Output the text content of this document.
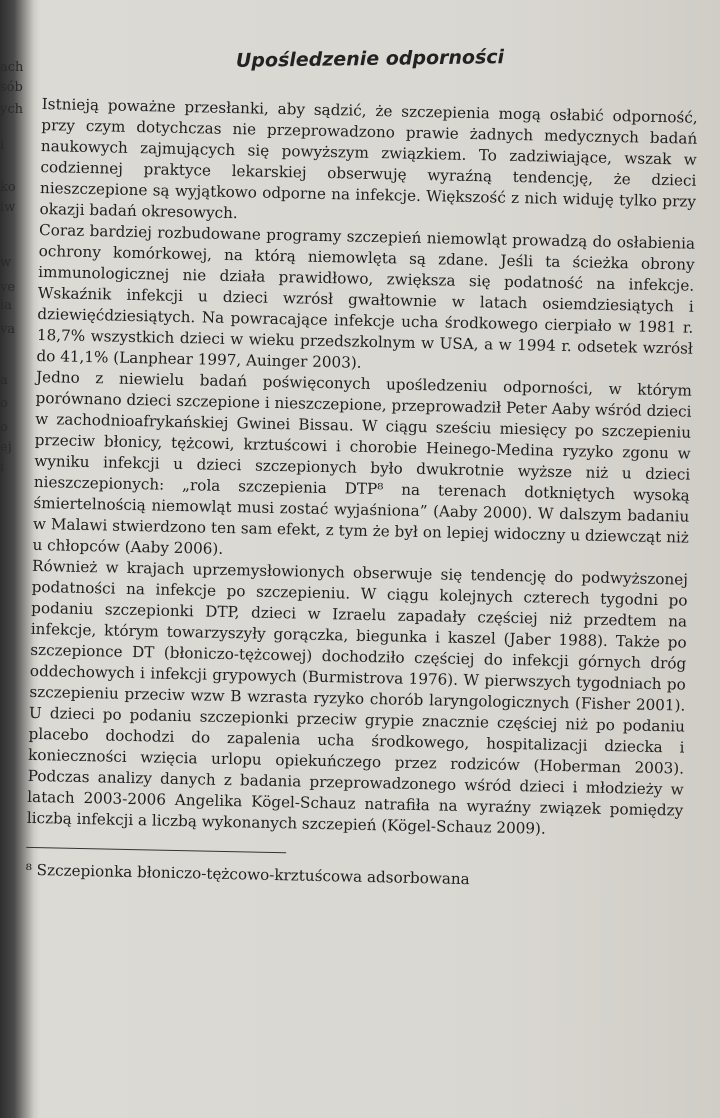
ach
sób
ych
i
ko
iw
w
ve
ia
va
a
o
o
ej
i
Upośledzenie odporności

Istnieją poważne przesłanki, aby sądzić, że szczepienia mogą osłabić odporność, przy czym dotychczas nie przeprowadzono prawie żadnych medycznych badań naukowych zajmujących się powyższym związkiem. To zadziwiające, wszak w codziennej praktyce lekarskiej obserwuję wyraźną tendencję, że dzieci nieszczepione są wyjątkowo odporne na infekcje. Większość z nich widuję tylko przy okazji badań okresowych.

Coraz bardziej rozbudowane programy szczepień niemowląt prowadzą do osłabienia ochrony komórkowej, na którą niemowlęta są zdane. Jeśli ta ścieżka obrony immunologicznej nie działa prawidłowo, zwiększa się podatność na infekcje. Wskaźnik infekcji u dzieci wzrósł gwałtownie w latach osiemdziesiątych i dziewięćdziesiątych. Na powracające infekcje ucha środkowego cierpiało w 1981 r. 18,7% wszystkich dzieci w wieku przedszkolnym w USA, a w 1994 r. odsetek wzrósł do 41,1% (Lanphear 1997, Auinger 2003).

Jedno z niewielu badań poświęconych upośledzeniu odporności, w którym porównano dzieci szczepione i nieszczepione, przeprowadził Peter Aaby wśród dzieci w zachodnioafrykańskiej Gwinei Bissau. W ciągu sześciu miesięcy po szczepieniu przeciw błonicy, tężcowi, krztuścowi i chorobie Heinego-Medina ryzyko zgonu w wyniku infekcji u dzieci szczepionych było dwukrotnie wyższe niż u dzieci nieszczepionych: „rola szczepienia DTP⁸ na terenach dotkniętych wysoką śmiertelnością niemowląt musi zostać wyjaśniona” (Aaby 2000). W dalszym badaniu w Malawi stwierdzono ten sam efekt, z tym że był on lepiej widoczny u dziewcząt niż u chłopców (Aaby 2006).

Również w krajach uprzemysłowionych obserwuje się tendencję do podwyższonej podatności na infekcje po szczepieniu. W ciągu kolejnych czterech tygodni po podaniu szczepionki DTP, dzieci w Izraelu zapadały częściej niż przedtem na infekcje, którym towarzyszyły gorączka, biegunka i kaszel (Jaber 1988). Także po szczepionce DT (błoniczo-tężcowej) dochodziło częściej do infekcji górnych dróg oddechowych i infekcji grypowych (Burmistrova 1976). W pierwszych tygodniach po szczepieniu przeciw wzw B wzrasta ryzyko chorób laryngologicznych (Fisher 2001). U dzieci po podaniu szczepionki przeciw grypie znacznie częściej niż po podaniu placebo dochodzi do zapalenia ucha środkowego, hospitalizacji dziecka i konieczności wzięcia urlopu opiekuńczego przez rodziców (Hoberman 2003). Podczas analizy danych z badania przeprowadzonego wśród dzieci i młodzieży w latach 2003-2006 Angelika Kögel-Schauz natrafiła na wyraźny związek pomiędzy liczbą infekcji a liczbą wykonanych szczepień (Kögel-Schauz 2009).

⁸ Szczepionka błoniczo-tężcowo-krztuścowa adsorbowana
